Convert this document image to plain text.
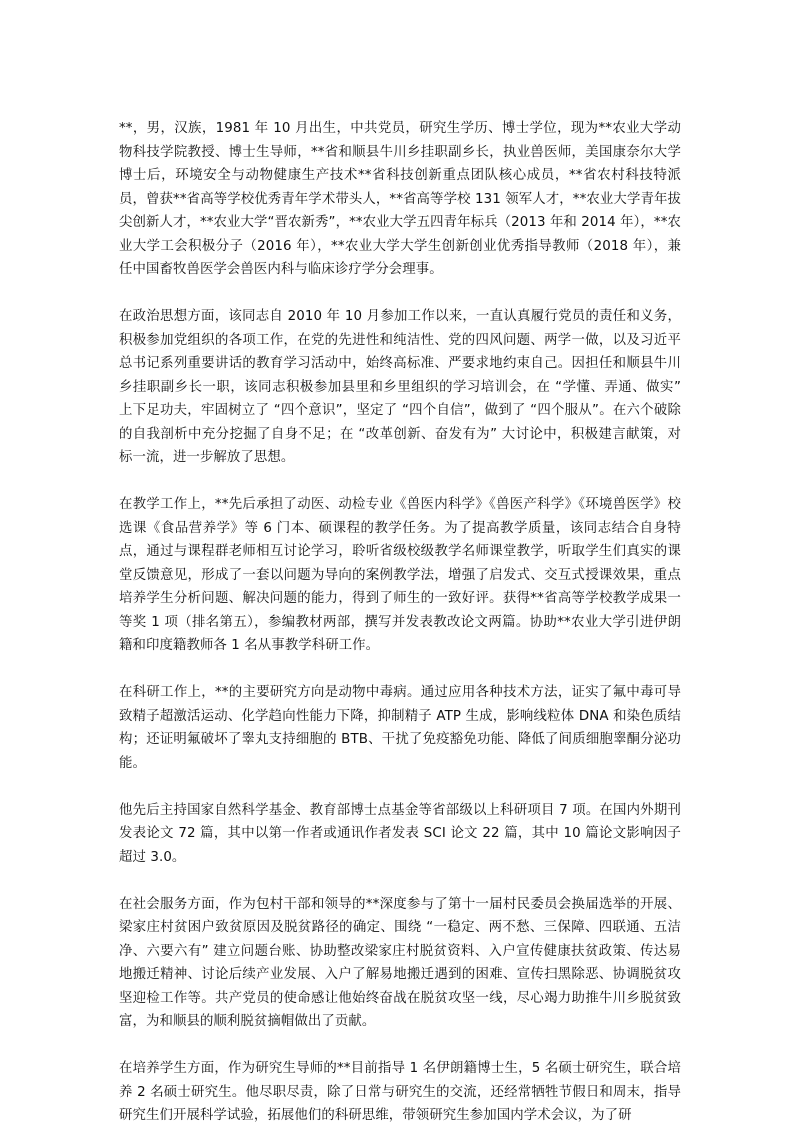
**，男，汉族，1981 年 10 月出生，中共党员，研究生学历、博士学位，现为**农业大学动物科技学院教授、博士生导师，**省和顺县牛川乡挂职副乡长，执业兽医师，美国康奈尔大学博士后，环境安全与动物健康生产技术**省科技创新重点团队核心成员，**省农村科技特派员，曾获**省高等学校优秀青年学术带头人，**省高等学校 131 领军人才，**农业大学青年拔尖创新人才，**农业大学“晋农新秀”，**农业大学五四青年标兵（2013 年和 2014 年），**农业大学工会积极分子（2016 年），**农业大学大学生创新创业优秀指导教师（2018 年），兼任中国畜牧兽医学会兽医内科与临床诊疗学分会理事。

在政治思想方面，该同志自 2010 年 10 月参加工作以来，一直认真履行党员的责任和义务，积极参加党组织的各项工作，在党的先进性和纯洁性、党的四风问题、两学一做，以及习近平总书记系列重要讲话的教育学习活动中，始终高标准、严要求地约束自己。因担任和顺县牛川乡挂职副乡长一职，该同志积极参加县里和乡里组织的学习培训会，在 “学懂、弄通、做实” 上下足功夫，牢固树立了 “四个意识”，坚定了 “四个自信”，做到了 “四个服从”。在六个破除的自我剖析中充分挖掘了自身不足；在 “改革创新、奋发有为” 大讨论中，积极建言献策，对标一流，进一步解放了思想。

在教学工作上，**先后承担了动医、动检专业《兽医内科学》《兽医产科学》《环境兽医学》校选课《食品营养学》等 6 门本、硕课程的教学任务。为了提高教学质量，该同志结合自身特点，通过与课程群老师相互讨论学习，聆听省级校级教学名师课堂教学，听取学生们真实的课堂反馈意见，形成了一套以问题为导向的案例教学法，增强了启发式、交互式授课效果，重点培养学生分析问题、解决问题的能力，得到了师生的一致好评。获得**省高等学校教学成果一等奖 1 项（排名第五），参编教材两部，撰写并发表教改论文两篇。协助**农业大学引进伊朗籍和印度籍教师各 1 名从事教学科研工作。

在科研工作上，**的主要研究方向是动物中毒病。通过应用各种技术方法，证实了氟中毒可导致精子超激活运动、化学趋向性能力下降，抑制精子 ATP 生成，影响线粒体 DNA 和染色质结构；还证明氟破坏了睾丸支持细胞的 BTB、干扰了免疫豁免功能、降低了间质细胞睾酮分泌功能。

他先后主持国家自然科学基金、教育部博士点基金等省部级以上科研项目 7 项。在国内外期刊发表论文 72 篇，其中以第一作者或通讯作者发表 SCI 论文 22 篇，其中 10 篇论文影响因子超过 3.0。

在社会服务方面，作为包村干部和领导的**深度参与了第十一届村民委员会换届选举的开展、梁家庄村贫困户致贫原因及脱贫路径的确定、围绕 “一稳定、两不愁、三保障、四联通、五洁净、六要六有” 建立问题台账、协助整改梁家庄村脱贫资料、入户宣传健康扶贫政策、传达易地搬迁精神、讨论后续产业发展、入户了解易地搬迁遇到的困难、宣传扫黑除恶、协调脱贫攻坚迎检工作等。共产党员的使命感让他始终奋战在脱贫攻坚一线，尽心竭力助推牛川乡脱贫致富，为和顺县的顺利脱贫摘帽做出了贡献。

在培养学生方面，作为研究生导师的**目前指导 1 名伊朗籍博士生，5 名硕士研究生，联合培养 2 名硕士研究生。他尽职尽责，除了日常与研究生的交流，还经常牺牲节假日和周末，指导研究生们开展科学试验，拓展他们的科研思维，带领研究生参加国内学术会议，为了研
